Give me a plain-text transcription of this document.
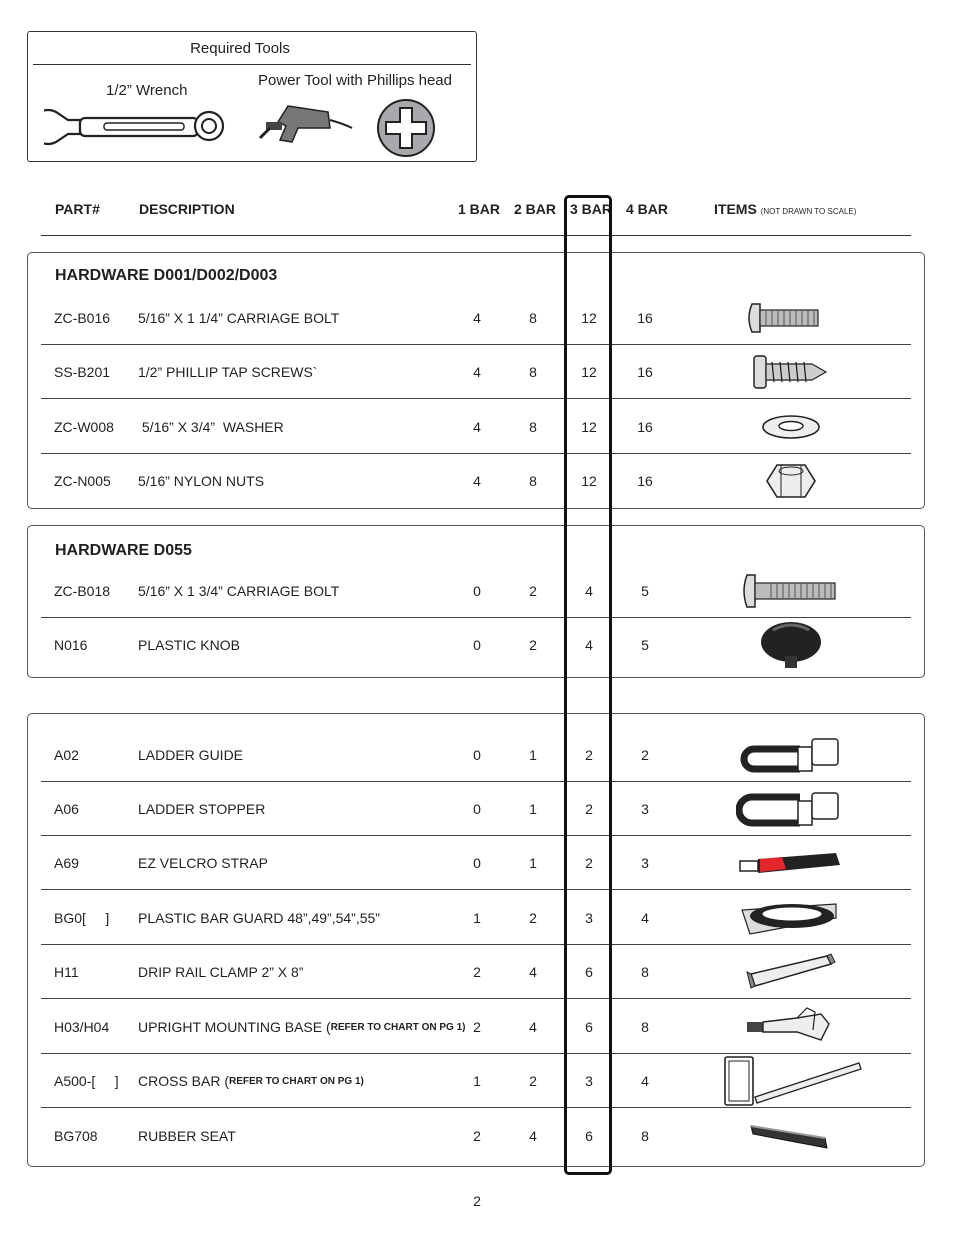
Required Tools
1/2” Wrench
Power Tool with Phillips head
PART#	DESCRIPTION	1 BAR 2 BAR 3 BAR 4 BAR	ITEMS (NOT DRAWN TO SCALE)
HARDWARE D001/D002/D003
HARDWARE D055
ZC-B016 5/16” X 1 1/4” CARRIAGE BOLT	4	8	12	16
SS-B201 1/2” PHILLIP TAP SCREWS`	4	8	12	16
ZC-W008 5/16” X 3/4”  WASHER	4	8	12	16
ZC-N005 5/16” NYLON NUTS	4	8	12	16
ZC-B018 5/16” X 1 3/4” CARRIAGE BOLT	0	2	4	5
N016	PLASTIC KNOB	0	2	4	5
A02	LADDER GUIDE	0	1	2	2
A06	LADDER STOPPER	0	1	2	3
A69	EZ VELCRO STRAP	0	1	2	3
BG0[     ] PLASTIC BAR GUARD 48”,49”,54”,55”	1	2	3	4
H11	DRIP RAIL CLAMP 2” X 8”	2	4	6	8
H03/H04 UPRIGHT MOUNTING BASE ( REFER TO CHART ON PG 1) 2	4	6	8
A500-[     ] CROSS BAR ( REFER TO CHART ON PG 1)	1	2	3	4
BG708	RUBBER SEAT	2	4	6	8
2
